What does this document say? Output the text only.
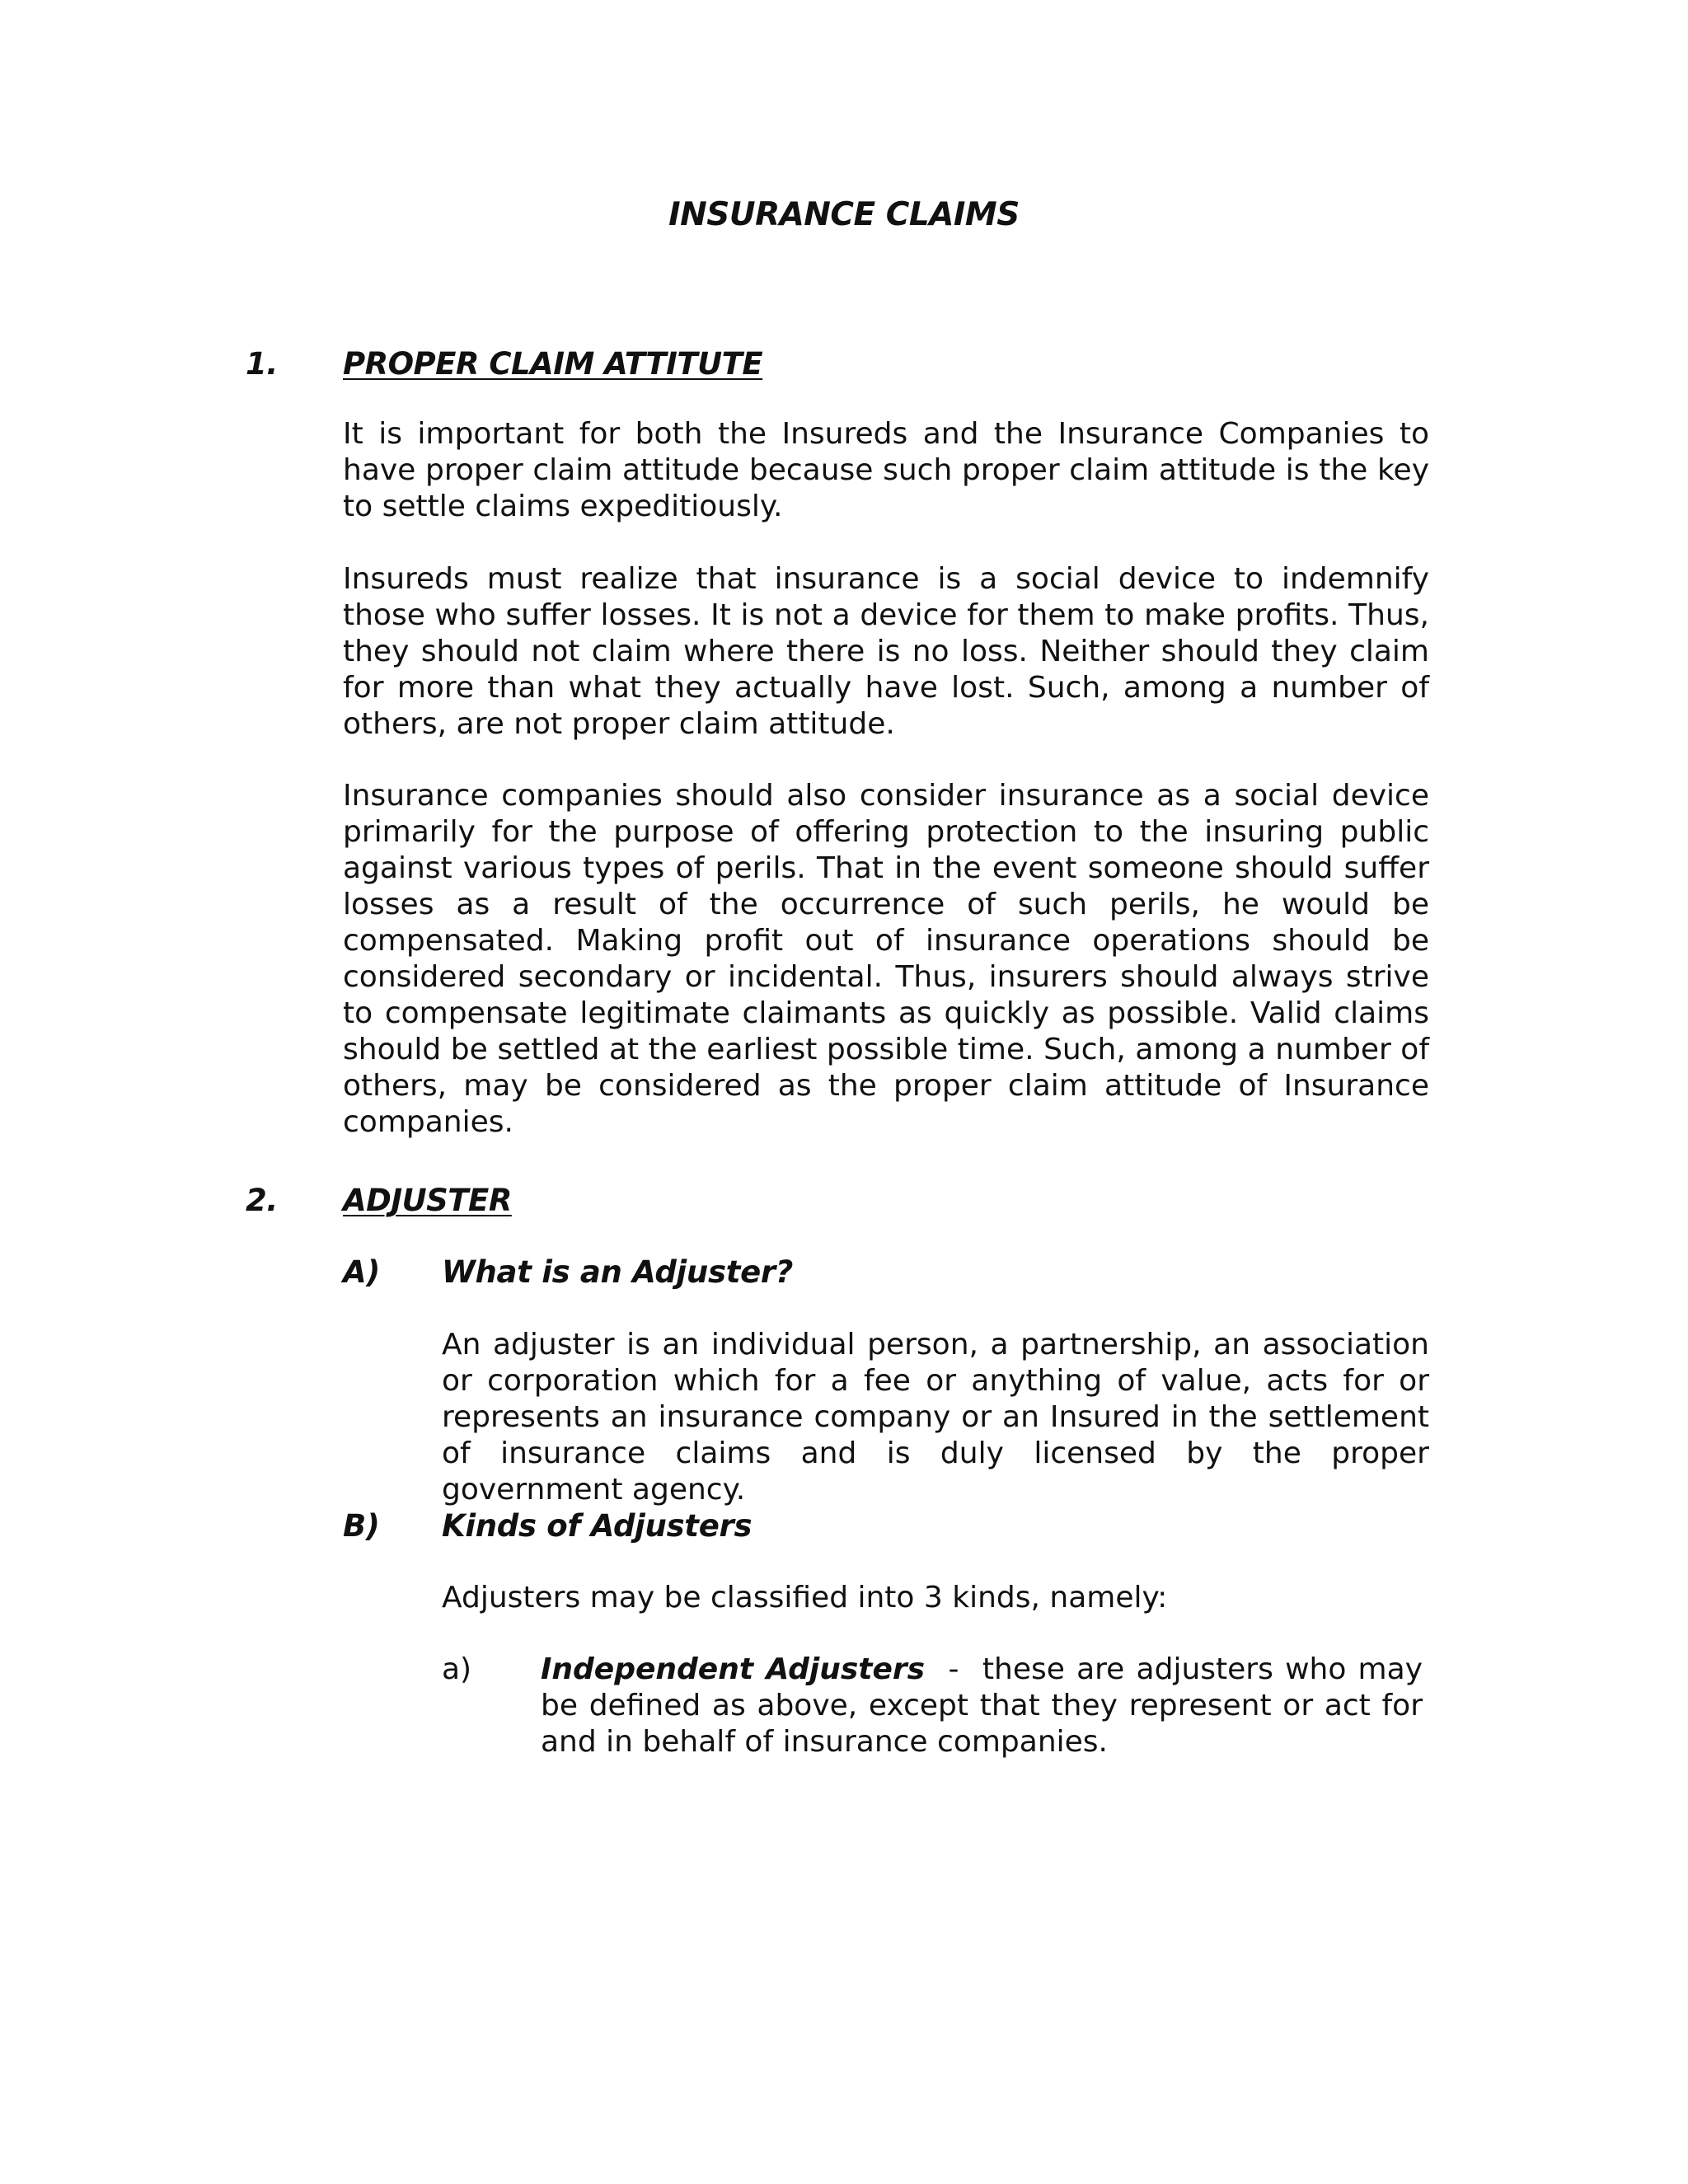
INSURANCE CLAIMS
1. PROPER CLAIM ATTITUTE

It is important for both the Insureds and the Insurance Companies to have proper claim attitude because such proper claim attitude is the key to settle claims expeditiously.

Insureds must realize that insurance is a social device to indemnify those who suffer losses. It is not a device for them to make profits. Thus, they should not claim where there is no loss. Neither should they claim for more than what they actually have lost. Such, among a number of others, are not proper claim attitude.

Insurance companies should also consider insurance as a social device primarily for the purpose of offering protection to the insuring public against various types of perils. That in the event someone should suffer losses as a result of the occurrence of such perils, he would be compensated. Making profit out of insurance operations should be considered secondary or incidental. Thus, insurers should always strive to compensate legitimate claimants as quickly as possible. Valid claims should be settled at the earliest possible time. Such, among a number of others, may be considered as the proper claim attitude of Insurance companies.

2. ADJUSTER
A) What is an Adjuster?

An adjuster is an individual person, a partnership, an association or corporation which for a fee or anything of value, acts for or represents an insurance company or an Insured in the settlement of insurance claims and is duly licensed by the proper government agency.

B) Kinds of Adjusters

Adjusters may be classified into 3 kinds, namely:

a) Independent Adjusters  -  these are adjusters who may be defined as above, except that they represent or act for and in behalf of insurance companies.
